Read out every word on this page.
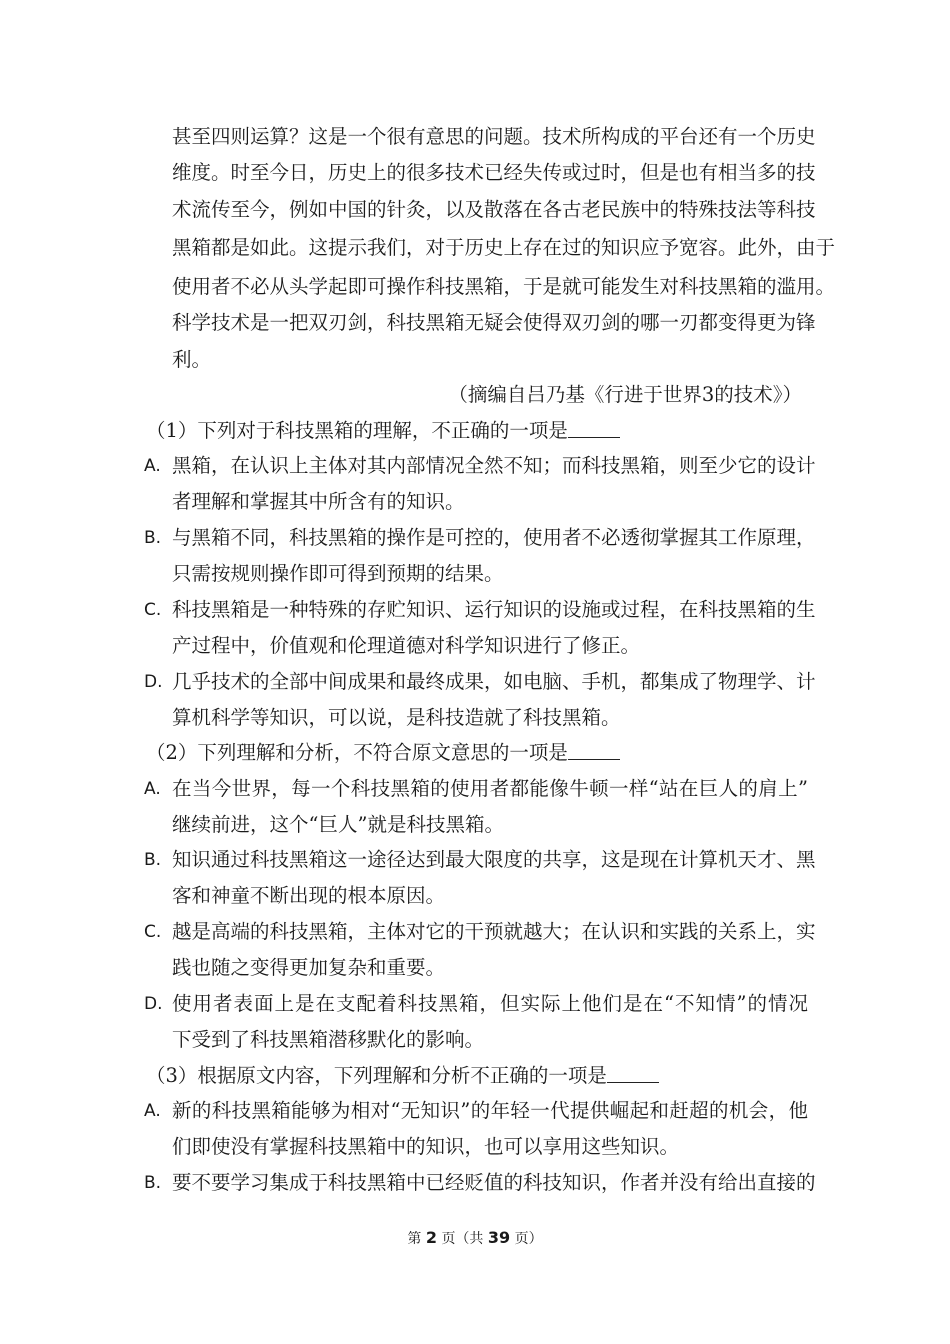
甚至四则运算？这是一个很有意思的问题。技术所构成的平台还有一个历史
维度。时至今日，历史上的很多技术已经失传或过时，但是也有相当多的技
术流传至今，例如中国的针灸，以及散落在各古老民族中的特殊技法等科技
黑箱都是如此。这提示我们，对于历史上存在过的知识应予宽容。此外，由于
使用者不必从头学起即可操作科技黑箱，于是就可能发生对科技黑箱的滥用。
科学技术是一把双刃剑，科技黑箱无疑会使得双刃剑的哪一刃都变得更为锋
利。
（摘编自吕乃基《行进于世界3的技术》）
（1）下列对于科技黑箱的理解，不正确的一项是
A. 黑箱，在认识上主体对其内部情况全然不知；而科技黑箱，则至少它的设计
者理解和掌握其中所含有的知识。
B. 与黑箱不同，科技黑箱的操作是可控的，使用者不必透彻掌握其工作原理，
只需按规则操作即可得到预期的结果。
C. 科技黑箱是一种特殊的存贮知识、运行知识的设施或过程，在科技黑箱的生
产过程中，价值观和伦理道德对科学知识进行了修正。
D. 几乎技术的全部中间成果和最终成果，如电脑、手机，都集成了物理学、计
算机科学等知识，可以说，是科技造就了科技黑箱。
（2）下列理解和分析，不符合原文意思的一项是
A. 在当今世界，每一个科技黑箱的使用者都能像牛顿一样“站在巨人的肩上”
继续前进，这个“巨人”就是科技黑箱。
B. 知识通过科技黑箱这一途径达到最大限度的共享，这是现在计算机天才、黑
客和神童不断出现的根本原因。
C. 越是高端的科技黑箱，主体对它的干预就越大；在认识和实践的关系上，实
践也随之变得更加复杂和重要。
D. 使用者表面上是在支配着科技黑箱，但实际上他们是在“不知情”的情况
下受到了科技黑箱潜移默化的影响。
（3）根据原文内容，下列理解和分析不正确的一项是
A. 新的科技黑箱能够为相对“无知识”的年轻一代提供崛起和赶超的机会，他
们即使没有掌握科技黑箱中的知识，也可以享用这些知识。
B. 要不要学习集成于科技黑箱中已经贬值的科技知识，作者并没有给出直接的
第 2 页（共 39 页）
